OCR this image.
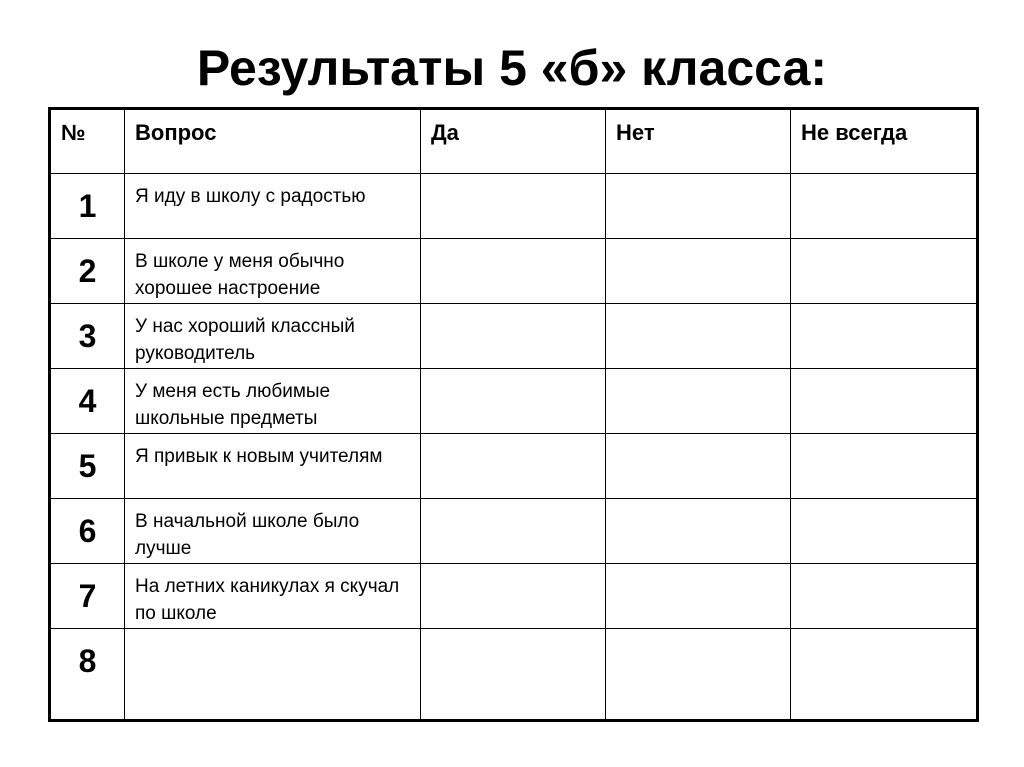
Результаты 5 «б» класса:
№	Вопрос	Да	Нет	Не всегда
1	Я иду в школу с радостью			
2	В школе у меня обычно хорошее настроение			
3	У нас хороший классный руководитель			
4	У меня есть любимые школьные предметы			
5	Я привык к новым учителям			
6	В начальной школе было лучше			
7	На летних каникулах я скучал по школе			
8				
